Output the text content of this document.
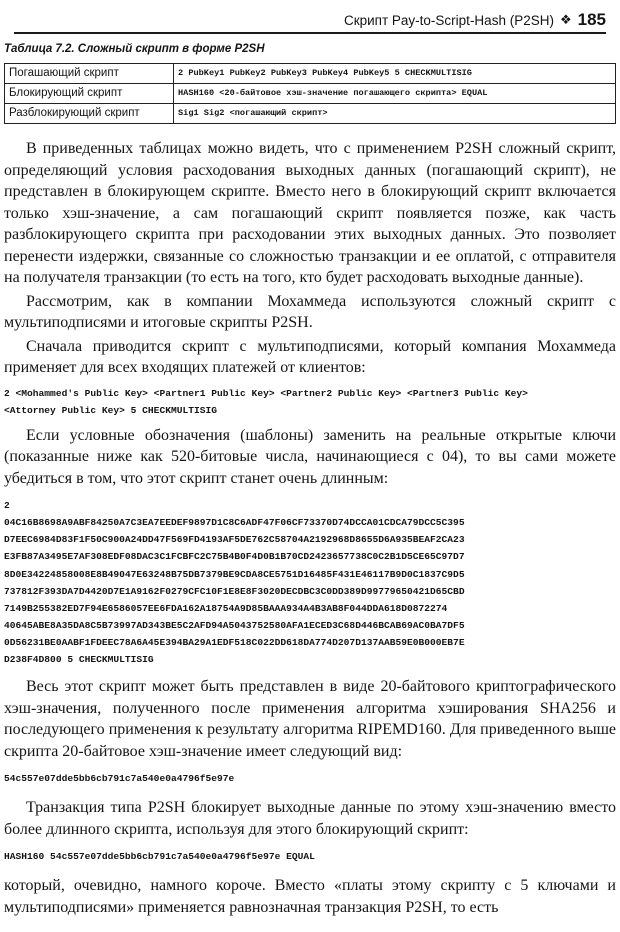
Скрипт Pay-to-Script-Hash (P2SH) ❖ 185
Таблица 7.2. Сложный скрипт в форме P2SH
Погашающий скрипт	2 PubKey1 PubKey2 PubKey3 PubKey4 PubKey5 5 CHECKMULTISIG
Блокирующий скрипт	HASH160 <20-байтовое хэш-значение погашающего скрипта> EQUAL
Разблокирующий скрипт	Sig1 Sig2 <погашающий скрипт>

В приведенных таблицах можно видеть, что с применением P2SH сложный скрипт, определяющий условия расходования выходных данных (погашающий скрипт), не представлен в блокирующем скрипте. Вместо него в блокирующий скрипт включается только хэш-значение, а сам погашающий скрипт появляется позже, как часть разблокирующего скрипта при расходовании этих выходных данных. Это позволяет перенести издержки, связанные со сложностью транзакции и ее оплатой, с отправителя на получателя транзакции (то есть на того, кто будет расходовать выходные данные).

Рассмотрим, как в компании Мохаммеда используются сложный скрипт с мультиподписями и итоговые скрипты P2SH.

Сначала приводится скрипт с мультиподписями, который компания Мохаммеда применяет для всех входящих платежей от клиентов:

2 <Mohammed's Public Key> <Partner1 Public Key> <Partner2 Public Key> <Partner3 Public Key>
<Attorney Public Key> 5 CHECKMULTISIG

Если условные обозначения (шаблоны) заменить на реальные открытые ключи (показанные ниже как 520-битовые числа, начинающиеся с 04), то вы сами можете убедиться в том, что этот скрипт станет очень длинным:

2
04C16B8698A9ABF84250A7C3EA7EEDEF9897D1C8C6ADF47F06CF73370D74DCCA01CDCA79DCC5C395
D7EEC6984D83F1F50C900A24DD47F569FD4193AF5DE762C58704A2192968D8655D6A935BEAF2CA23
E3FB87A3495E7AF308EDF08DAC3C1FCBFC2C75B4B0F4D0B1B70CD2423657738C0C2B1D5CE65C97D7
8D0E34224858008E8B49047E63248B75DB7379BE9CDA8CE5751D16485F431E46117B9D0C1837C9D5
737812F393DA7D4420D7E1A9162F0279CFC10F1E8E8F3020DECDBC3C0DD389D99779650421D65CBD
7149B255382ED7F94E6586057EE6FDA162A18754A9D85BAAA934A4B3AB8F044DDA618D0872274
40645ABE8A35DA8C5B73997AD343BE5C2AFD94A5043752580AFA1ECED3C68D446BCAB69AC0BA7DF5
0D56231BE0AABF1FDEEC78A6A45E394BA29A1EDF518C022DD618DA774D207D137AAB59E0B000EB7E
D238F4D800 5 CHECKMULTISIG

Весь этот скрипт может быть представлен в виде 20-байтового криптографического хэш-значения, полученного после применения алгоритма хэширования SHA256 и последующего применения к результату алгоритма RIPEMD160. Для приведенного выше скрипта 20-байтовое хэш-значение имеет следующий вид:

54c557e07dde5bb6cb791c7a540e0a4796f5e97e

Транзакция типа P2SH блокирует выходные данные по этому хэш-значению вместо более длинного скрипта, используя для этого блокирующий скрипт:

HASH160 54c557e07dde5bb6cb791c7a540e0a4796f5e97e EQUAL

который, очевидно, намного короче. Вместо «платы этому скрипту с 5 ключами и мультиподписями» применяется равнозначная транзакция P2SH, то есть
